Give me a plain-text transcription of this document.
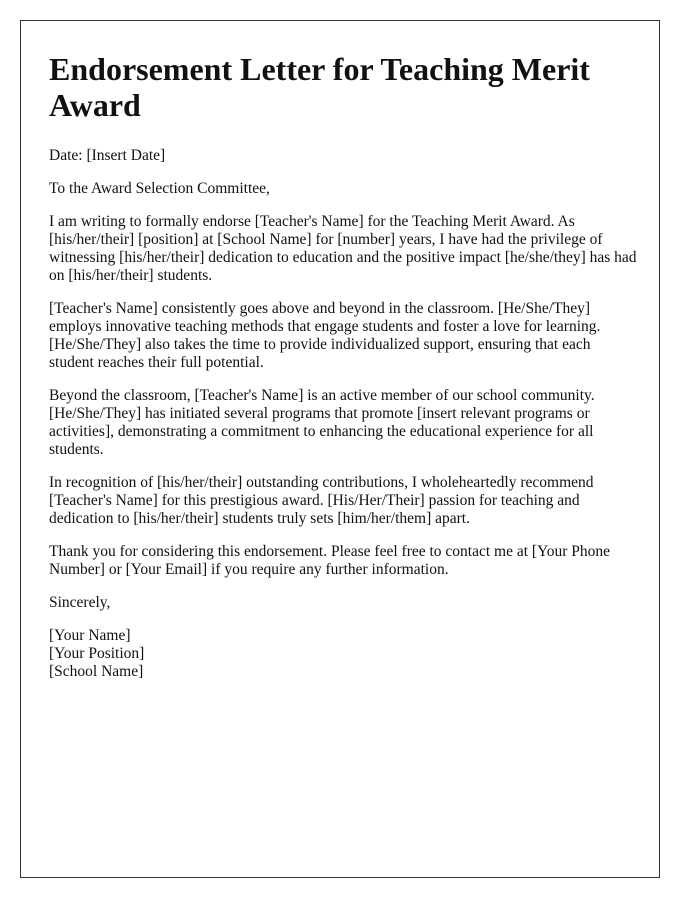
Endorsement Letter for Teaching Merit Award

Date: [Insert Date]

To the Award Selection Committee,

I am writing to formally endorse [Teacher's Name] for the Teaching Merit Award. As [his/her/their] [position] at [School Name] for [number] years, I have had the privilege of witnessing [his/her/their] dedication to education and the positive impact [he/she/they] has had on [his/her/their] students.

[Teacher's Name] consistently goes above and beyond in the classroom. [He/She/They] employs innovative teaching methods that engage students and foster a love for learning. [He/She/They] also takes the time to provide individualized support, ensuring that each student reaches their full potential.

Beyond the classroom, [Teacher's Name] is an active member of our school community. [He/She/They] has initiated several programs that promote [insert relevant programs or activities], demonstrating a commitment to enhancing the educational experience for all students.

In recognition of [his/her/their] outstanding contributions, I wholeheartedly recommend [Teacher's Name] for this prestigious award. [His/Her/Their] passion for teaching and dedication to [his/her/their] students truly sets [him/her/them] apart.

Thank you for considering this endorsement. Please feel free to contact me at [Your Phone Number] or [Your Email] if you require any further information.

Sincerely,

[Your Name]

[Your Position]

[School Name]
